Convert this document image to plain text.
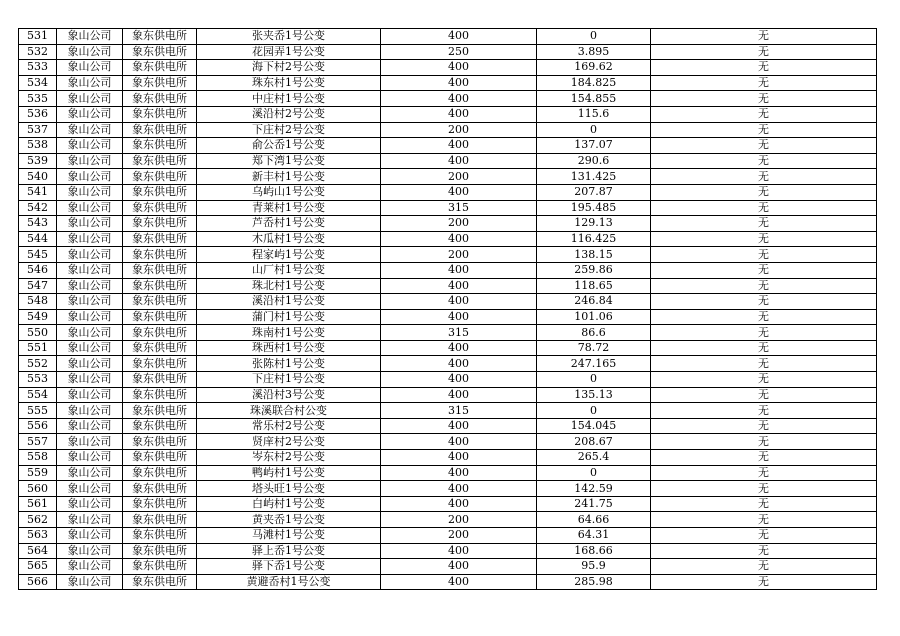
531	象山公司	象东供电所	张夹岙1号公变	400	0	无
532	象山公司	象东供电所	花园弄1号公变	250	3.895	无
533	象山公司	象东供电所	海下村2号公变	400	169.62	无
534	象山公司	象东供电所	珠东村1号公变	400	184.825	无
535	象山公司	象东供电所	中庄村1号公变	400	154.855	无
536	象山公司	象东供电所	溪沿村2号公变	400	115.6	无
537	象山公司	象东供电所	下庄村2号公变	200	0	无
538	象山公司	象东供电所	俞公岙1号公变	400	137.07	无
539	象山公司	象东供电所	郑下湾1号公变	400	290.6	无
540	象山公司	象东供电所	新丰村1号公变	200	131.425	无
541	象山公司	象东供电所	乌屿山1号公变	400	207.87	无
542	象山公司	象东供电所	青莱村1号公变	315	195.485	无
543	象山公司	象东供电所	芦岙村1号公变	200	129.13	无
544	象山公司	象东供电所	木瓜村1号公变	400	116.425	无
545	象山公司	象东供电所	程家屿1号公变	200	138.15	无
546	象山公司	象东供电所	山厂村1号公变	400	259.86	无
547	象山公司	象东供电所	珠北村1号公变	400	118.65	无
548	象山公司	象东供电所	溪沿村1号公变	400	246.84	无
549	象山公司	象东供电所	蒲门村1号公变	400	101.06	无
550	象山公司	象东供电所	珠南村1号公变	315	86.6	无
551	象山公司	象东供电所	珠西村1号公变	400	78.72	无
552	象山公司	象东供电所	张陈村1号公变	400	247.165	无
553	象山公司	象东供电所	下庄村1号公变	400	0	无
554	象山公司	象东供电所	溪沿村3号公变	400	135.13	无
555	象山公司	象东供电所	珠溪联合村公变	315	0	无
556	象山公司	象东供电所	常乐村2号公变	400	154.045	无
557	象山公司	象东供电所	贤庠村2号公变	400	208.67	无
558	象山公司	象东供电所	岑东村2号公变	400	265.4	无
559	象山公司	象东供电所	鸭屿村1号公变	400	0	无
560	象山公司	象东供电所	塔头旺1号公变	400	142.59	无
561	象山公司	象东供电所	白屿村1号公变	400	241.75	无
562	象山公司	象东供电所	黄夹岙1号公变	200	64.66	无
563	象山公司	象东供电所	马滩村1号公变	200	64.31	无
564	象山公司	象东供电所	驿上岙1号公变	400	168.66	无
565	象山公司	象东供电所	驿下岙1号公变	400	95.9	无
566	象山公司	象东供电所	黄避岙村1号公变	400	285.98	无
